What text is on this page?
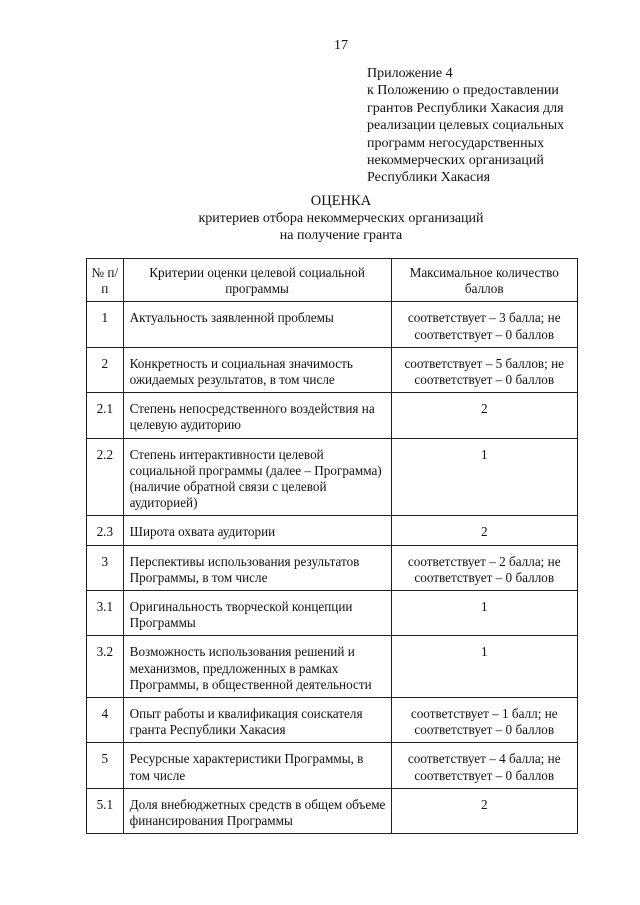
17
Приложение 4
к Положению о предоставлении
грантов Республики Хакасия для
реализации целевых социальных
программ негосударственных
некоммерческих организаций
Республики Хакасия
ОЦЕНКА
критериев отбора некоммерческих организаций
на получение гранта
№ п/п	Критерии оценки целевой социальной программы	Максимальное количество баллов
1	Актуальность заявленной проблемы	соответствует – 3 балла; не соответствует – 0 баллов
2	Конкретность и социальная значимость ожидаемых результатов, в том числе	соответствует – 5 баллов; не соответствует – 0 баллов
2.1	Степень непосредственного воздействия на целевую аудиторию	2
2.2	Степень интерактивности целевой социальной программы (далее – Программа) (наличие обратной связи с целевой аудиторией)	1
2.3	Широта охвата аудитории	2
3	Перспективы использования результатов Программы, в том числе	соответствует – 2 балла; не соответствует – 0 баллов
3.1	Оригинальность творческой концепции Программы	1
3.2	Возможность использования решений и механизмов, предложенных в рамках Программы, в общественной деятельности	1
4	Опыт работы и квалификация соискателя гранта Республики Хакасия	соответствует – 1 балл; не соответствует – 0 баллов
5	Ресурсные характеристики Программы, в том числе	соответствует – 4 балла; не соответствует – 0 баллов
5.1	Доля внебюджетных средств в общем объеме финансирования Программы	2
